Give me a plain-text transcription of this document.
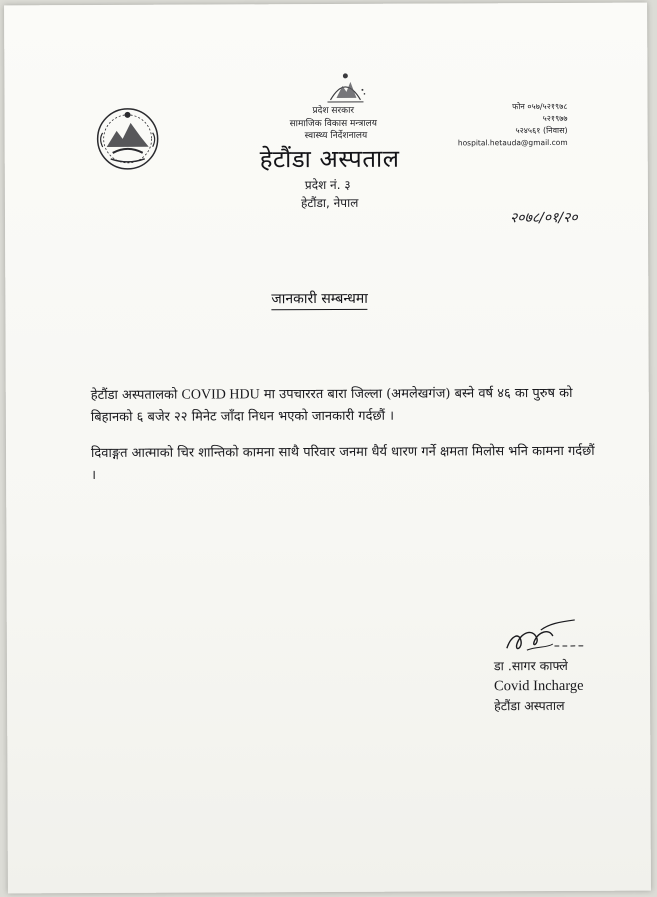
प्रदेश सरकार
सामाजिक विकास मन्त्रालय
स्वास्थ्य निर्देशनालय
हेटौंडा अस्पताल
प्रदेश नं. ३
हेटौंडा, नेपाल
फोन ०५७/५२१९७८
५२१९७७
५२४५६१ (निवास)
hospital.hetauda@gmail.com
२०७८/०१/२०
जानकारी सम्बन्धमा
हेटौंडा अस्पतालको COVID HDU मा उपचाररत बारा जिल्ला (अमलेखगंज) बस्ने वर्ष ४६ का पुरुष को बिहानको ६ बजेर २२ मिनेट जाँदा निधन भएको जानकारी गर्दछौं ।
दिवाङ्गत आत्माको चिर शान्तिको कामना साथै परिवार जनमा धैर्य धारण गर्ने क्षमता मिलोस भनि कामना गर्दछौं ।
डा .सागर काफ्ले
Covid Incharge
हेटौंडा अस्पताल
